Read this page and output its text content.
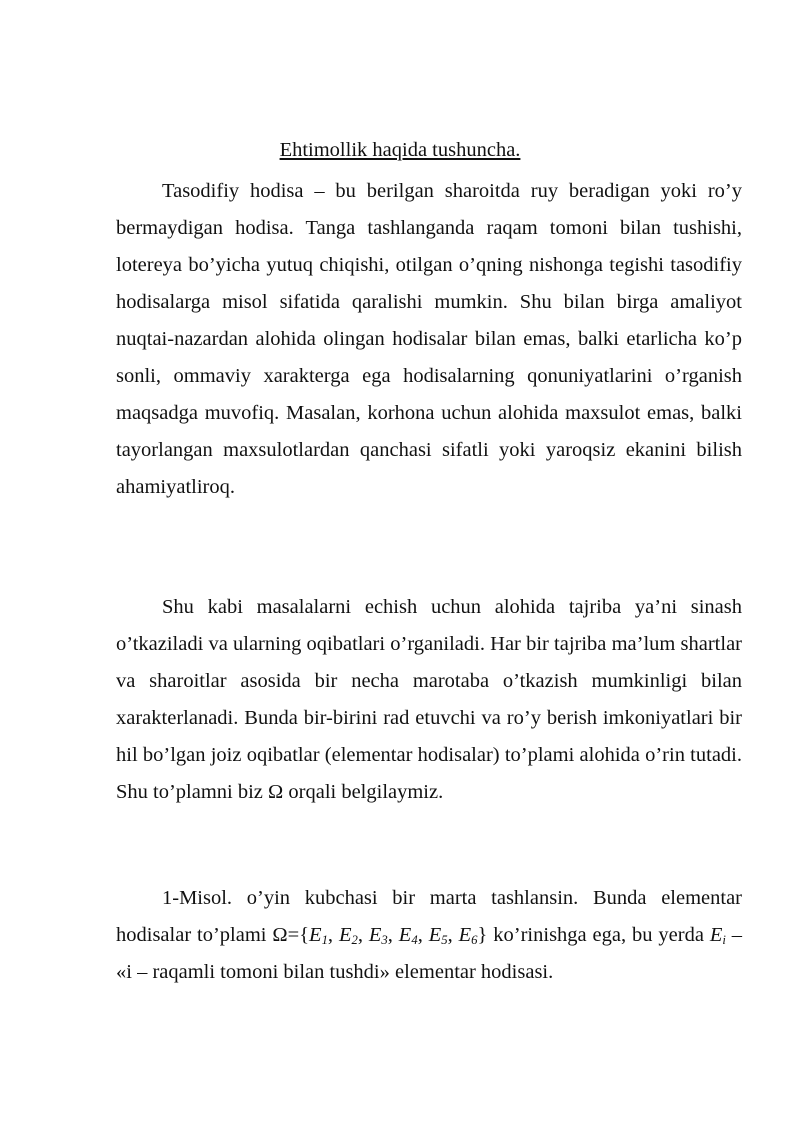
Ehtimollik haqida tushuncha.

Tasodifiy hodisa – bu berilgan sharoitda ruy beradigan yoki ro’y bermaydigan hodisa. Tanga tashlanganda raqam tomoni bilan tushishi, lotereya bo’yicha yutuq chiqishi, otilgan o’qning nishonga tegishi tasodifiy hodisalarga misol sifatida qaralishi mumkin. Shu bilan birga amaliyot nuqtai-nazardan alohida olingan hodisalar bilan emas, balki etarlicha ko’p sonli, ommaviy xarakterga ega hodisalarning qonuniyatlarini o’rganish maqsadga muvofiq. Masalan, korhona uchun alohida maxsulot emas, balki tayorlangan maxsulotlardan qanchasi sifatli yoki yaroqsiz ekanini bilish ahamiyatliroq.

Shu kabi masalalarni echish uchun alohida tajriba ya’ni sinash o’tkaziladi va ularning oqibatlari o’rganiladi. Har bir tajriba ma’lum shartlar va sharoitlar asosida bir necha marotaba o’tkazish mumkinligi bilan xarakterlanadi. Bunda bir-birini rad etuvchi va ro’y berish imkoniyatlari bir hil bo’lgan joiz oqibatlar (elementar hodisalar) to’plami alohida o’rin tutadi. Shu to’plamni biz Ω orqali belgilaymiz.

1-Misol. o’yin kubchasi bir marta tashlansin. Bunda elementar hodisalar to’plami $\Omega=\{E_1$, $E_2$, $E_3$, $E_4$, $E_5$, $E_6$} ko’rinishga ega, bu yerda $E_i$ – «i – raqamli tomoni bilan tushdi» elementar hodisasi.
